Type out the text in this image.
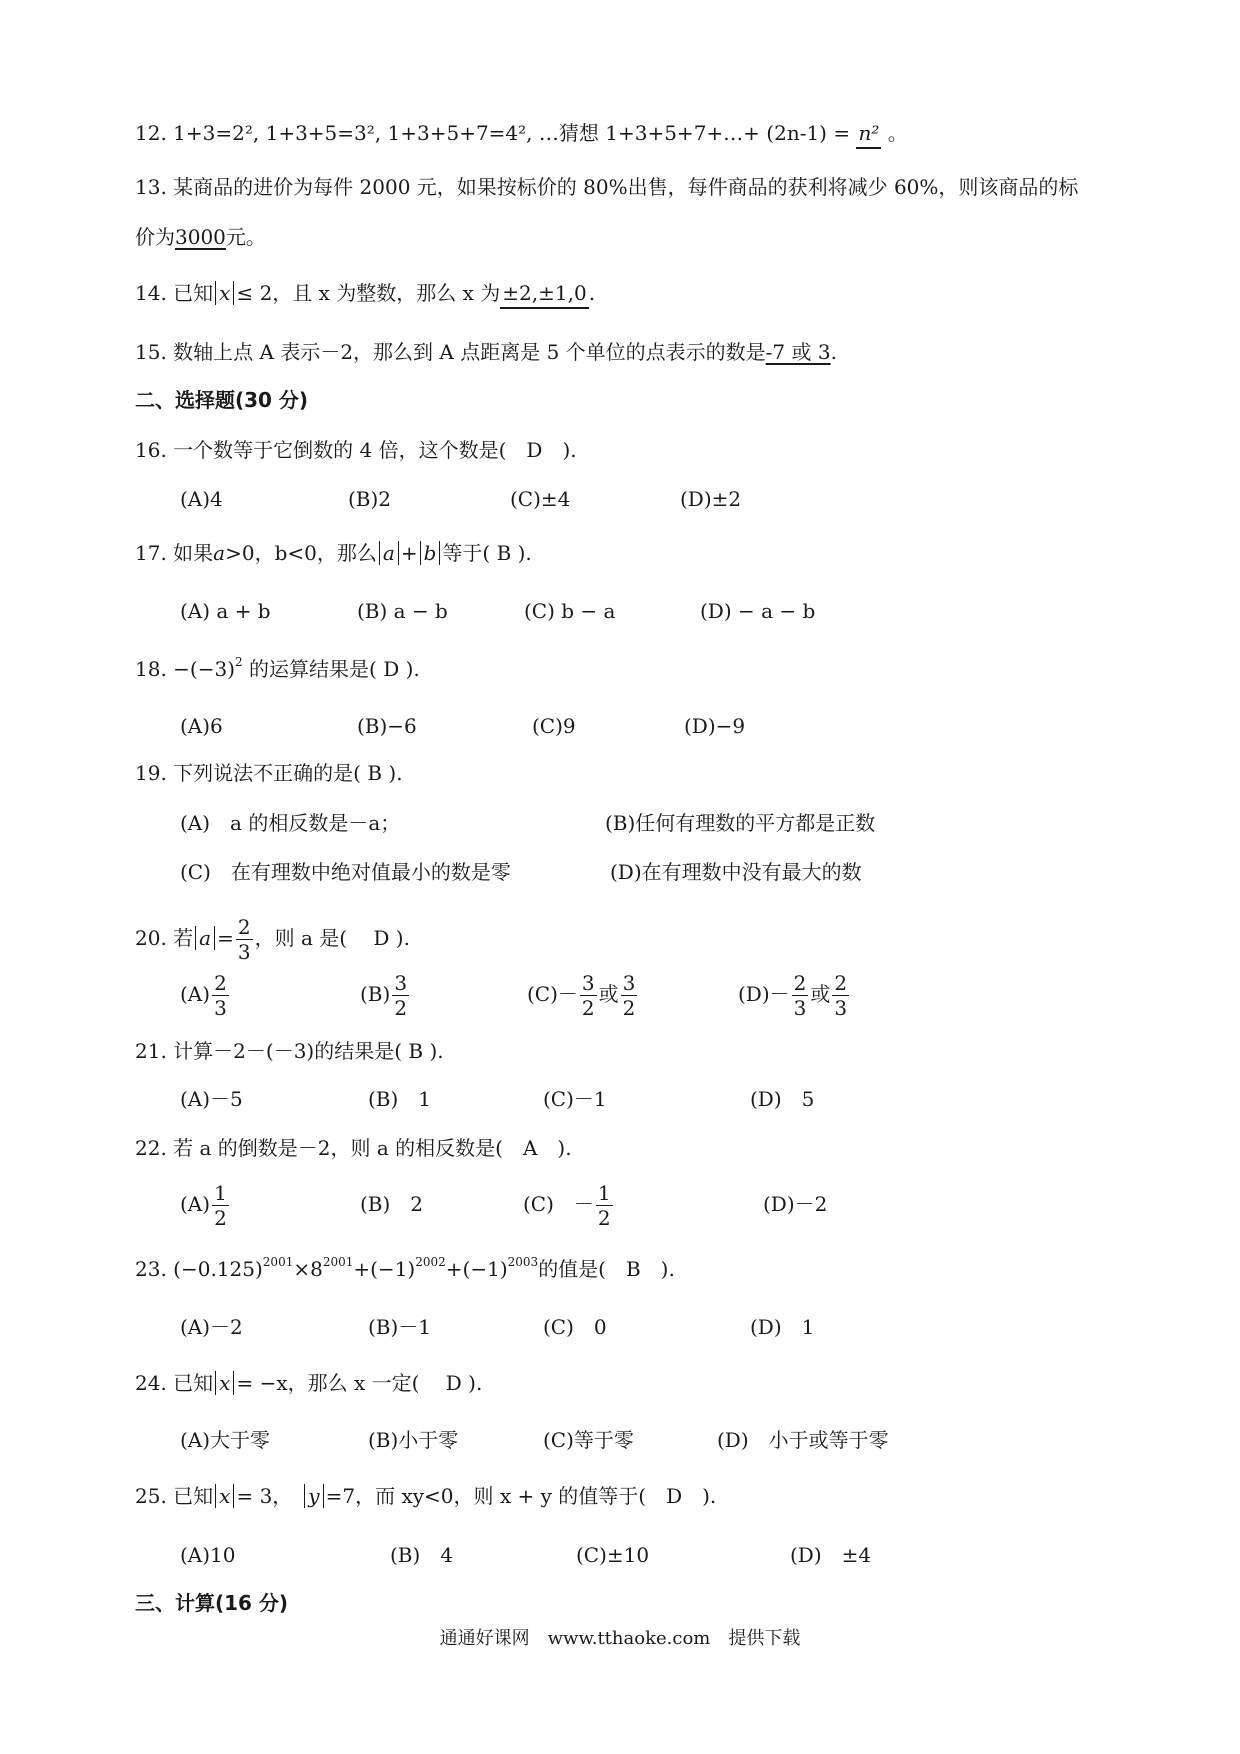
12. 1+3=2², 1+3+5=3², 1+3+5+7=4², …猜想 1+3+5+7+…+ (2n-1) = n² 。
13. 某商品的进价为每件 2000 元，如果按标价的 80%出售，每件商品的获利将减少 60%，则该商品的标
价为3000元。
14. 已知 x ≤ 2，且 x 为整数，那么 x 为 ±2,±1,0 .
15. 数轴上点 A 表示－2，那么到 A 点距离是 5 个单位的点表示的数是-7 或 3.
二、选择题(30 分)
16. 一个数等于它倒数的 4 倍，这个数是(　D　).
(A)4	(B)2	(C)±4	(D)±2
17. 如果a>0，b<0，那么 a + b 等于( B ).
(A) a + b	(B) a − b	(C) b − a	(D) − a − b
18. $-(-3)^2$ 的运算结果是( D ).
(A)6	(B)−6	(C)9	(D)−9
19. 下列说法不正确的是( B ).
(A)　a 的相反数是－a；	(B)任何有理数的平方都是正数
(C)　在有理数中绝对值最小的数是零	(D)在有理数中没有最大的数
20. 若 $a = \frac{2}{3}$ ，则 a 是(　 D ).
$(A) \frac{2}{3}$	$(B) \frac{3}{2}$	$(C)- \frac{3}{2}$ 或 $\frac{3}{2}$	$(D)- \frac{2}{3}$ 或 $\frac{2}{3}$
21. 计算－2－(－3)的结果是( B ).
(A)－5	(B)　1	(C)－1	(D)　5
22. 若 a 的倒数是－2，则 a 的相反数是(　A　).
$(A) \frac{1}{2}$	(B)　2	(C)　－ $\frac{1}{2}$	(D)－2
23. $(-0.125)^{2001}\times 8^{2001}+(-1)^{2002}+(-1)^{2003}$的值是(　B　).
(A)－2	(B)－1	(C)　0	(D)　1
24. 已知 x = −x，那么 x 一定(　 D ).
(A)大于零	(B)小于零	(C)等于零	(D)　小于或等于零
25. 已知 x = 3，　y =7，而 xy<0，则 x + y 的值等于(　D　).
(A)10	(B)　4	(C)±10	(D)　±4
三、计算(16 分)
通通好课网　www.tthaoke.com　提供下载
